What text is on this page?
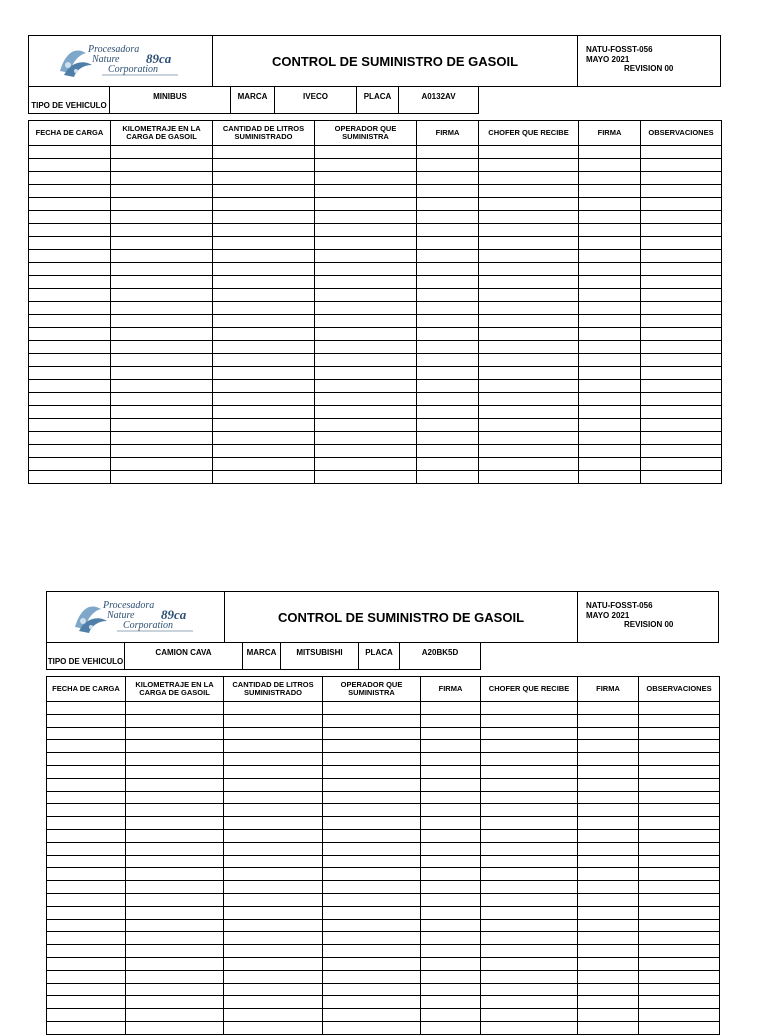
Procesadora
Nature 89ca
Corporation
CONTROL DE SUMINISTRO DE GASOIL
NATU-FOSST-056
MAYO 2021
REVISION 00
TIPO DE VEHICULO
MINIBUS	MARCA	IVECO	PLACA	A0132AV
FECHA DE CARGA	KILOMETRAJE EN LA CARGA DE GASOIL	CANTIDAD DE LITROS SUMINISTRADO	OPERADOR QUE SUMINISTRA	FIRMA	CHOFER QUE RECIBE	FIRMA	OBSERVACIONES

Procesadora
Nature 89ca
Corporation
CONTROL DE SUMINISTRO DE GASOIL
NATU-FOSST-056
MAYO 2021
REVISION 00
TIPO DE VEHICULO
CAMION CAVA	MARCA	MITSUBISHI	PLACA	A20BK5D
FECHA DE CARGA	KILOMETRAJE EN LA CARGA DE GASOIL	CANTIDAD DE LITROS SUMINISTRADO	OPERADOR QUE SUMINISTRA	FIRMA	CHOFER QUE RECIBE	FIRMA	OBSERVACIONES
